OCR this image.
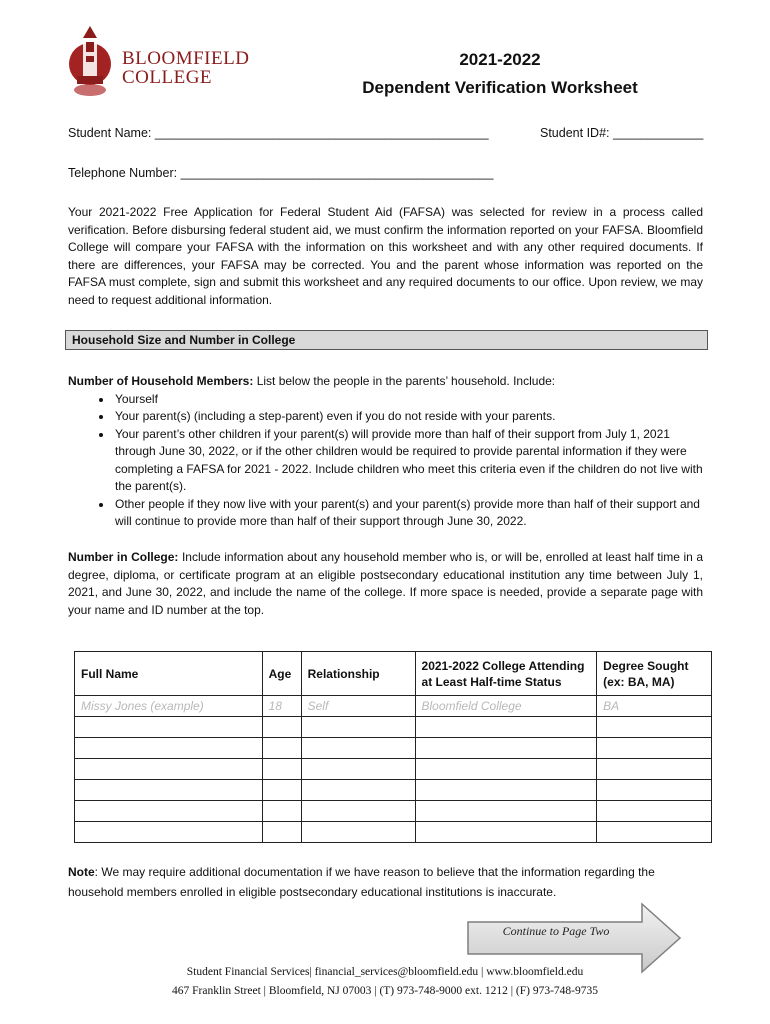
BLOOMFIELD
COLLEGE
2021-2022
Dependent Verification Worksheet
Student Name: ________________________________________________	Student ID#: _____________
Telephone Number: _____________________________________________
Your 2021-2022 Free Application for Federal Student Aid (FAFSA) was selected for review in a process called verification. Before disbursing federal student aid, we must confirm the information reported on your FAFSA. Bloomfield College will compare your FAFSA with the information on this worksheet and with any other required documents. If there are differences, your FAFSA may be corrected. You and the parent whose information was reported on the FAFSA must complete, sign and submit this worksheet and any required documents to our office. Upon review, we may need to request additional information.
Household Size and Number in College
Number of Household Members: List below the people in the parents’ household. Include:
• Yourself
• Your parent(s) (including a step-parent) even if you do not reside with your parents.
• Your parent’s other children if your parent(s) will provide more than half of their support from July 1, 2021 through June 30, 2022, or if the other children would be required to provide parental information if they were completing a FAFSA for 2021 - 2022. Include children who meet this criteria even if the children do not live with the parent(s).
• Other people if they now live with your parent(s) and your parent(s) provide more than half of their support and will continue to provide more than half of their support through June 30, 2022.
Number in College: Include information about any household member who is, or will be, enrolled at least half time in a degree, diploma, or certificate program at an eligible postsecondary educational institution any time between July 1, 2021, and June 30, 2022, and include the name of the college. If more space is needed, provide a separate page with your name and ID number at the top.
Full Name	Age	Relationship	2021-2022 College Attending at Least Half-time Status	Degree Sought (ex: BA, MA)
Missy Jones (example)	18	Self	Bloomfield College	BA

Note: We may require additional documentation if we have reason to believe that the information regarding the household members enrolled in eligible postsecondary educational institutions is inaccurate.
Continue to Page Two
Student Financial Services| financial_services@bloomfield.edu | www.bloomfield.edu
467 Franklin Street | Bloomfield, NJ 07003 | (T) 973-748-9000 ext. 1212 | (F) 973-748-9735
